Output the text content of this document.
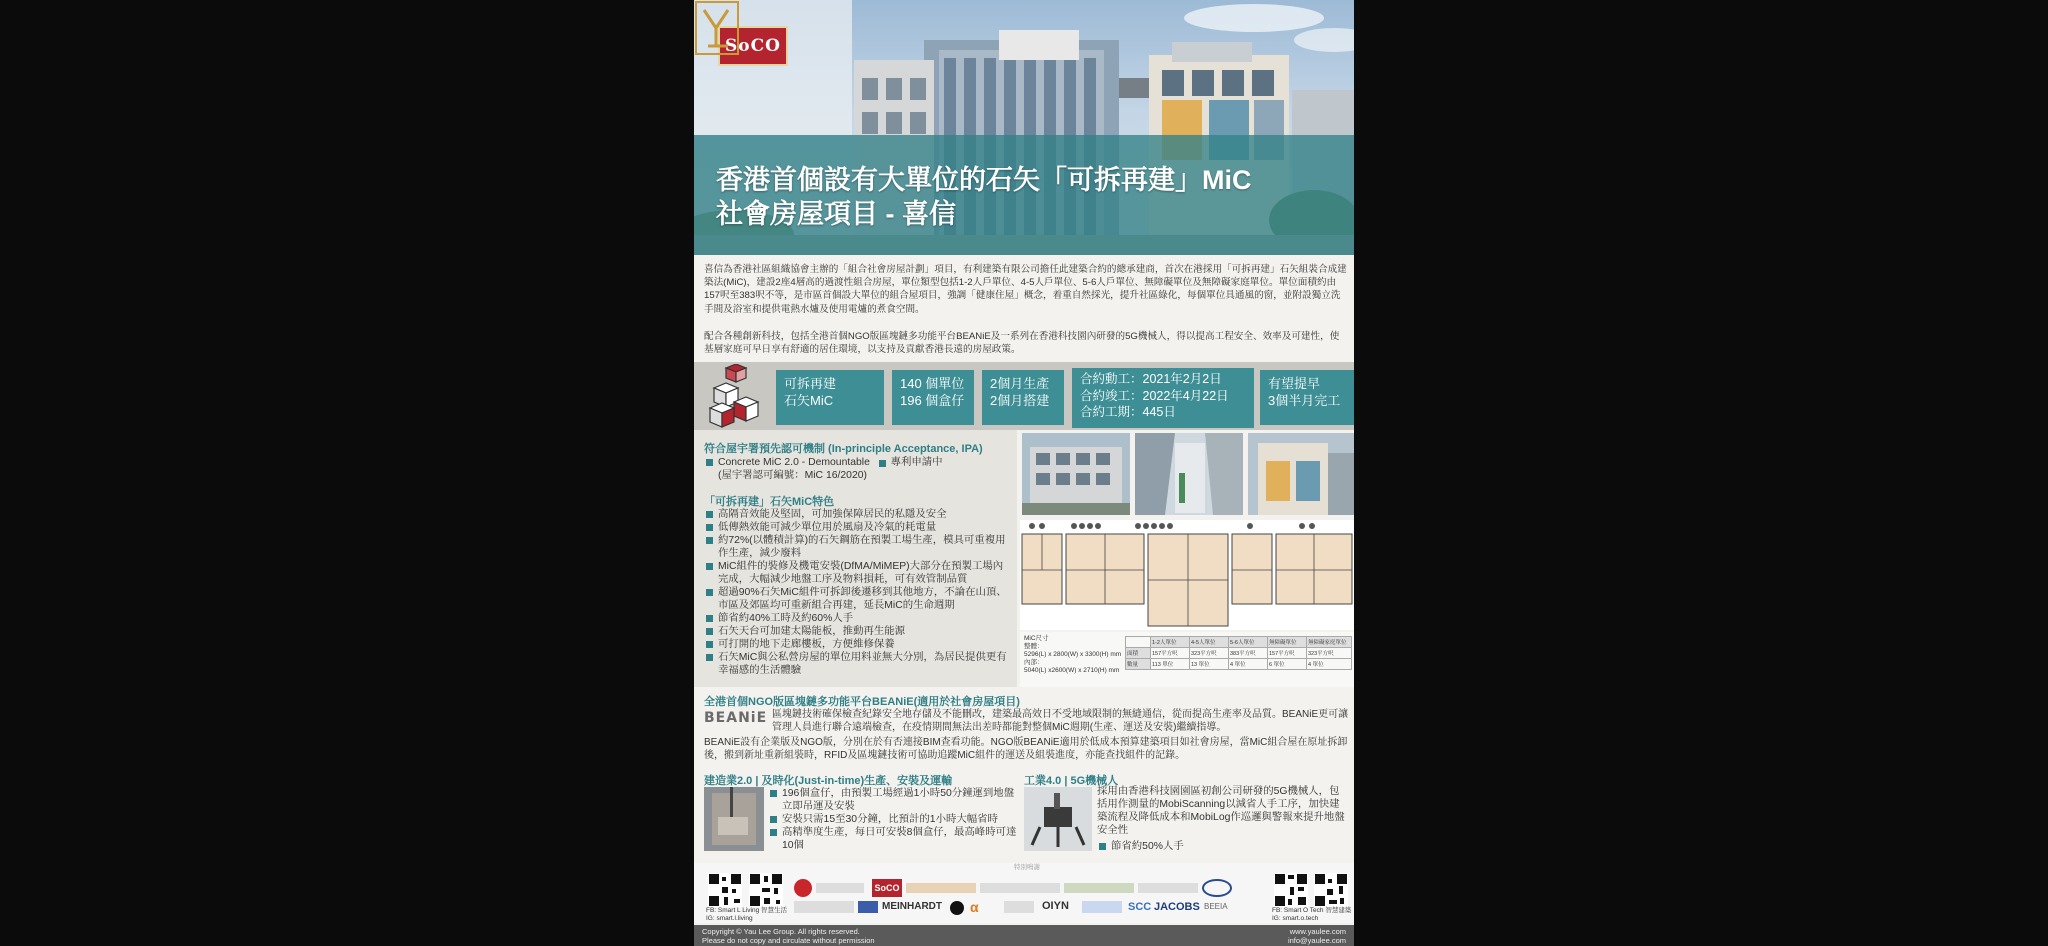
SoCO
香港首個設有大單位的石矢「可拆再建」MiC
社會房屋項目 - 喜信

喜信為香港社區組織協會主辦的「組合社會房屋計劃」項目，有利建築有限公司擔任此建築合約的總承建商，首次在港採用「可拆再建」石矢組裝合成建築法(MiC)，建設2座4層高的過渡性組合房屋，單位類型包括1-2人戶單位、4-5人戶單位、5-6人戶單位、無障礙單位及無障礙家庭單位。單位面積約由157呎至383呎不等，是市區首個設大單位的組合屋項目，強調「健康住屋」概念，着重自然採光，提升社區綠化，每個單位具通風的窗，並附設獨立洗手間及浴室和提供電熱水爐及使用電爐的煮食空間。

配合各種創新科技，包括全港首個NGO版區塊鏈多功能平台BEANiE及一系列在香港科技園內研發的5G機械人，得以提高工程安全、效率及可建性，使基層家庭可早日享有舒適的居住環境，以支持及貢獻香港長遠的房屋政策。

可拆再建
石矢MiC
140 個單位
196 個盒仔
2個月生產
2個月搭建
合約動工：2021年2月2日
合約竣工：2022年4月22日
合約工期：445日
有望提早
3個半月完工
符合屋宇署預先認可機制 (In-principle Acceptance, IPA)
Concrete MiC 2.0 - Demountable 專利申請中
(屋宇署認可編號：MiC 16/2020)
「可拆再建」石矢MiC特色
高隔音效能及堅固，可加強保障居民的私隱及安全
低傳熱效能可減少單位用於風扇及冷氣的耗電量
約72%(以體積計算)的石矢鋼筋在預製工場生產，模具可重複用作生產，減少廢料
MiC組件的裝修及機電安裝(DfMA/MiMEP)大部分在預製工場內完成，大幅減少地盤工序及物料損耗，可有效管制品質
超過90%石矢MiC組件可拆卸後遷移到其他地方，不論在山頂、市區及郊區均可重新組合再建，延長MiC的生命週期
節省約40%工時及約60%人手
石矢天台可加建太陽能板，推動再生能源
可打開的地下走廊樓板，方便維修保養
石矢MiC與公私營房屋的單位用料並無大分別，為居民提供更有幸福感的生活體驗
MiC尺寸
整體：
5296(L) x 2800(W) x 3300(H) mm
內部：
5040(L) x2600(W) x 2710(H) mm
	1-2人單位	4-5人單位	5-6人單位	無障礙單位	無障礙家庭單位
面積	157平方呎	323平方呎	383平方呎	157平方呎	323平方呎
數量	113 單位	13 單位	4 單位	6 單位	4 單位
全港首個NGO版區塊鏈多功能平台BEANiE(適用於社會房屋項目)
BEANiE 區塊鏈技術確保檢查紀錄安全地存儲及不能刪改，建築最高效日不受地域限制的無縫通信，從而提高生產率及品質。BEANiE更可讓管理人員進行聯合遠端檢查，在疫情期間無法出差時都能對整個MiC週期(生產、運送及安裝)繼續指導。
BEANiE設有企業版及NGO版，分別在於有否連接BIM查看功能。NGO版BEANiE適用於低成本預算建築項目如社會房屋，當MiC組合屋在原址拆卸後，搬到新址重新組裝時，RFID及區塊鏈技術可協助追蹤MiC組件的運送及組裝進度，亦能查找組件的記錄。
建造業2.0 | 及時化(Just-in-time)生產、安裝及運輸
196個盒仔，由預製工場經過1小時50分鐘運到地盤立即吊運及安裝
安裝只需15至30分鐘，比預計的1小時大幅省時
高精準度生產，每日可安裝8個盒仔，最高峰時可達10個
工業4.0 | 5G機械人
採用由香港科技園園區初創公司研發的5G機械人，包括用作測量的MobiScanning以減省人手工序，加快建築流程及降低成本和MobiLog作巡邏與警報來提升地盤安全性
節省約50%人手
FB: Smart L Living 智慧生活
IG: smart.l.living
特別鳴謝
SoCO
MEINHARDT α	OIYN	SCC JACOBS BEEIA	FB: Smart O Tech 智慧建築
IG: smart.o.tech
Copyright © Yau Lee Group. All rights reserved.
Please do not copy and circulate without permission
www.yaulee.com
info@yaulee.com
